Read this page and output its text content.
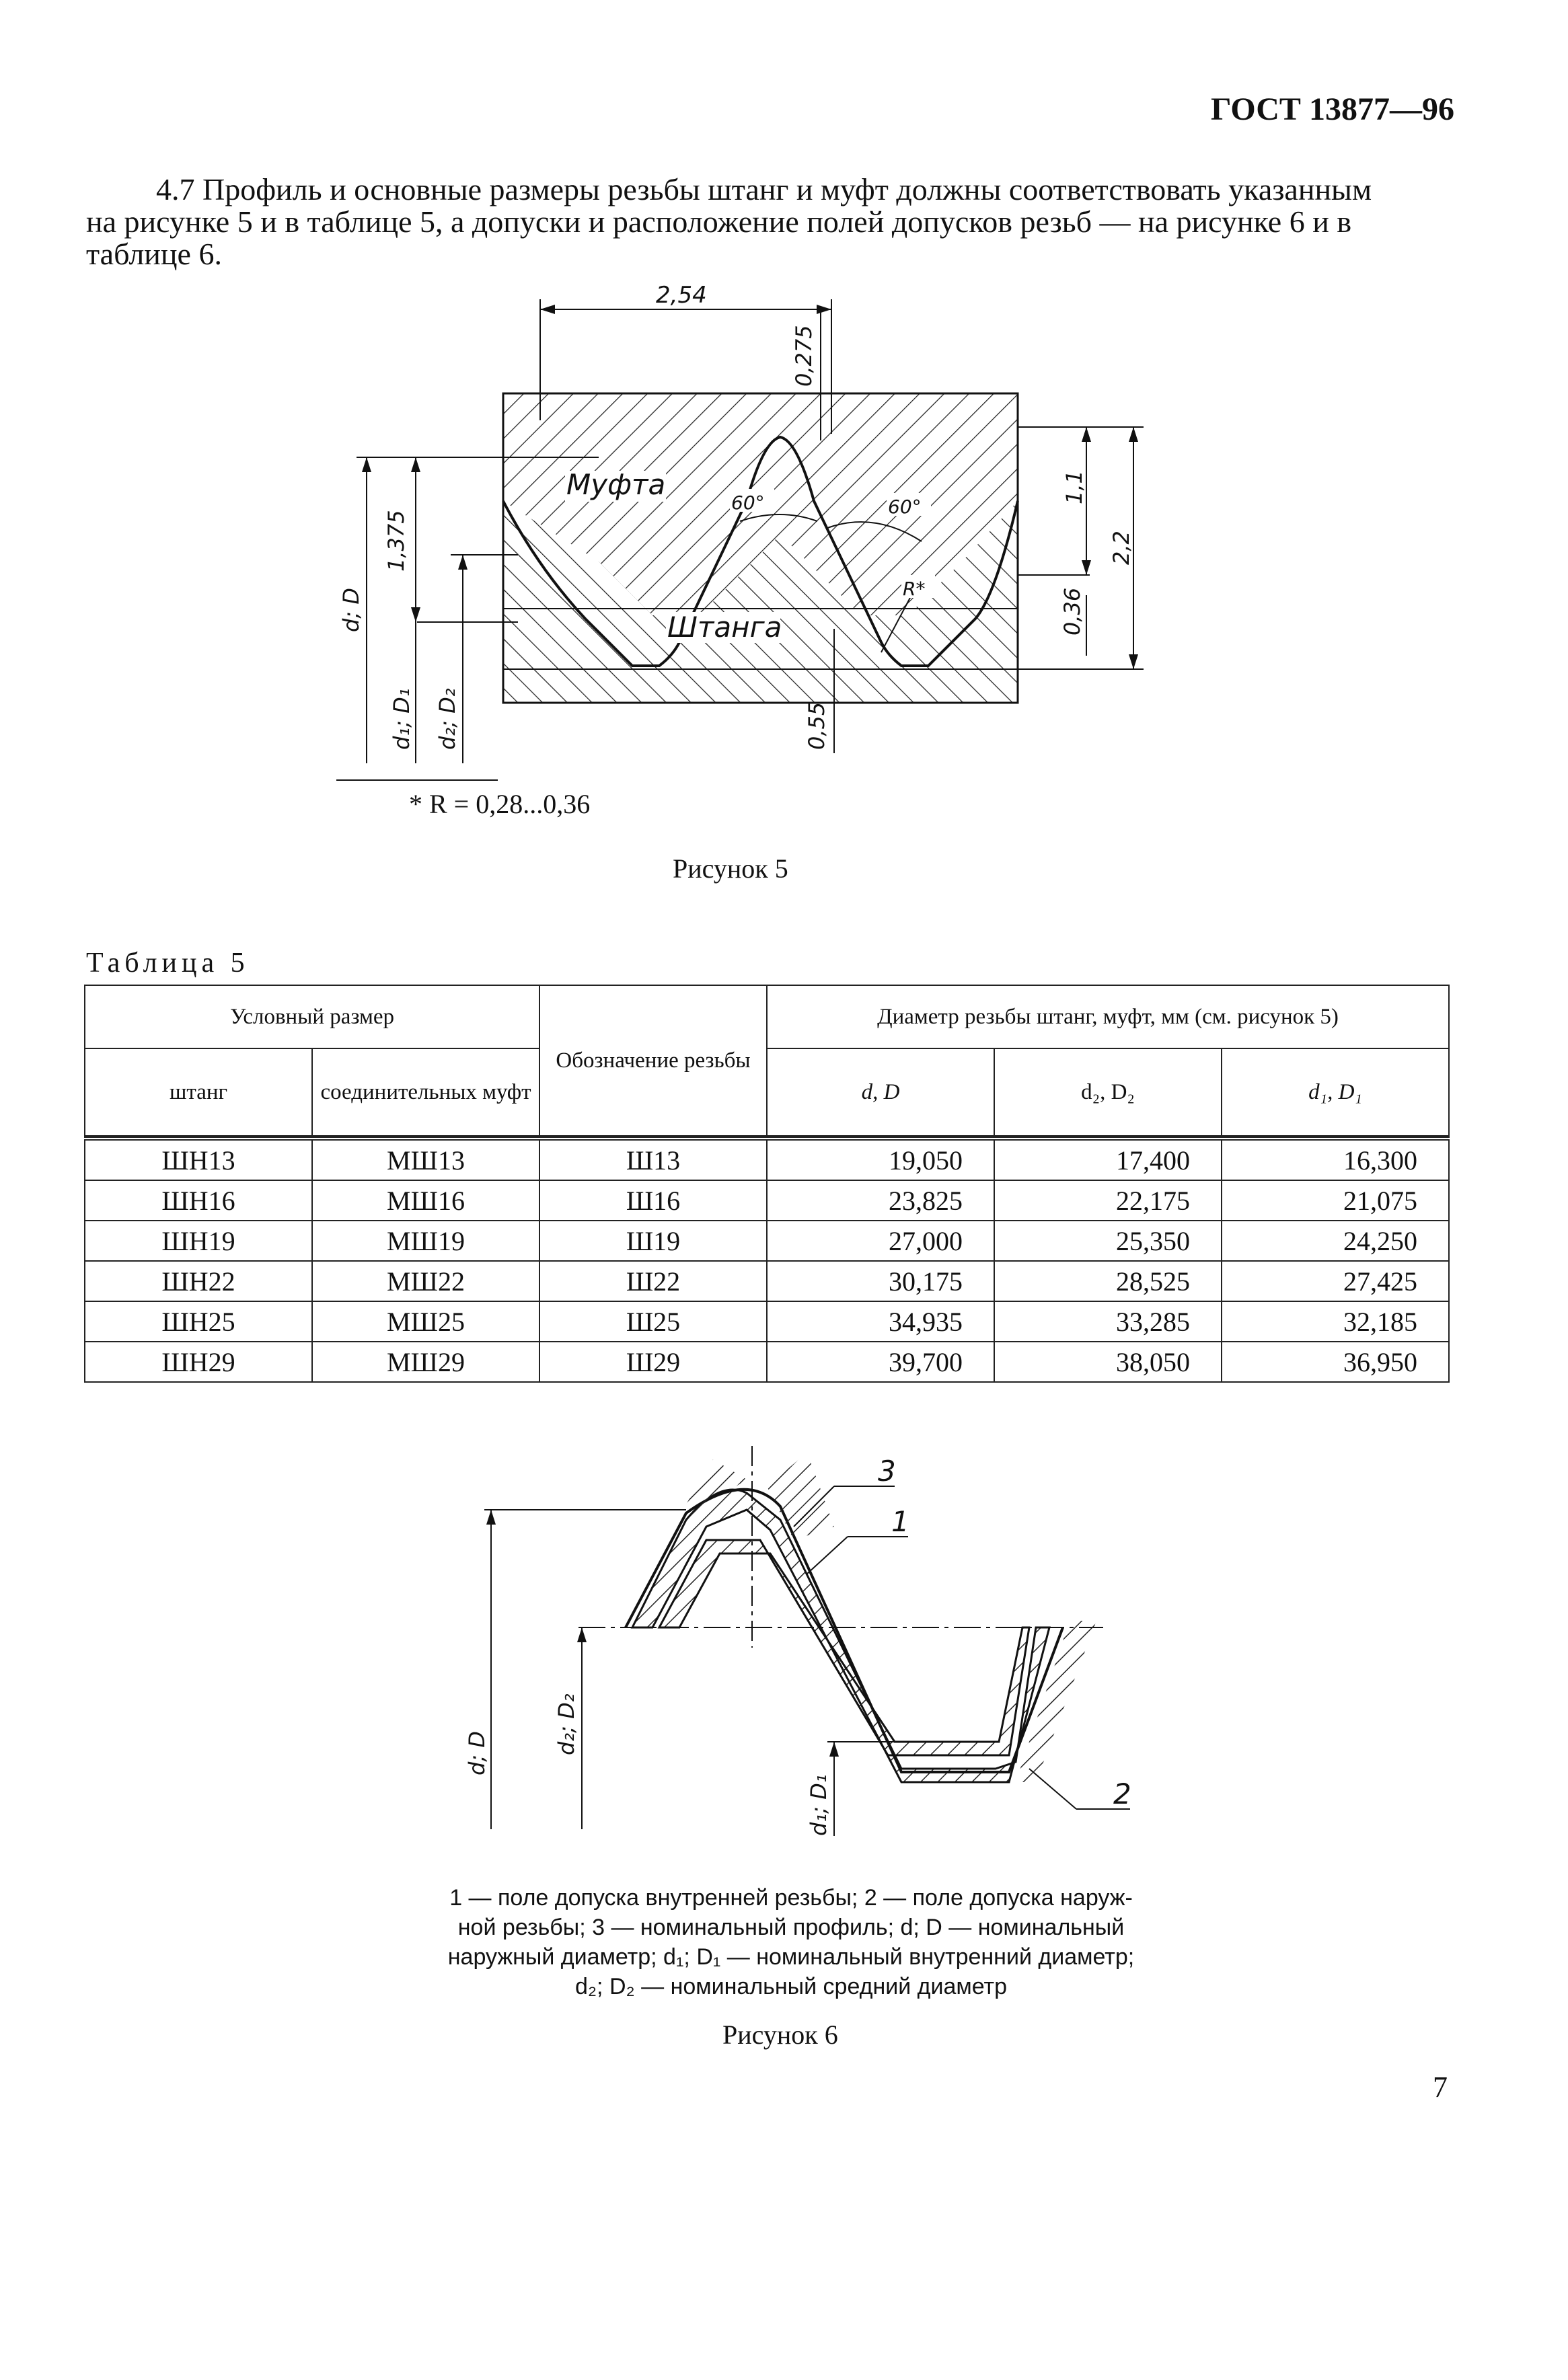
ГОСТ 13877—96
4.7 Профиль и основные размеры резьбы штанг и муфт должны соответствовать указанным
на рисунке 5 и в таблице 5, а допуски и расположение полей допусков резьб — на рисунке 6 и в
таблице 6.
2,54
0,275
1,1
2,2
0,36
0,55
1,375
d; D
d₁; D₁ d₂; D₂
Муфта
Штанга
60°	60°
R*
* R = 0,28...0,36
Рисунок 5
Таблица 5
Условный размер		Обозначение резьбы	Диаметр резьбы штанг, муфт, мм (см. рисунок 5)		
штанг	соединительных муфт		d, D	d₂, D₂	d₁, D₁

ШН13	МШ13	Ш13	19,050	17,400	16,300
ШН16	МШ16	Ш16	23,825	22,175	21,075
ШН19	МШ19	Ш19	27,000	25,350	24,250
ШН22	МШ22	Ш22	30,175	28,525	27,425
ШН25	МШ25	Ш25	34,935	33,285	32,185
ШН29	МШ29	Ш29	39,700	38,050	36,950
d; D	d₂; D₂
d₁; D₁
3
1
2
1 — поле допуска внутренней резьбы; 2 — поле допуска наруж-
ной резьбы; 3 — номинальный профиль; d; D — номинальный
наружный диаметр; d₁; D₁ — номинальный внутренний диаметр;
d₂; D₂ — номинальный средний диаметр
Рисунок 6
7
